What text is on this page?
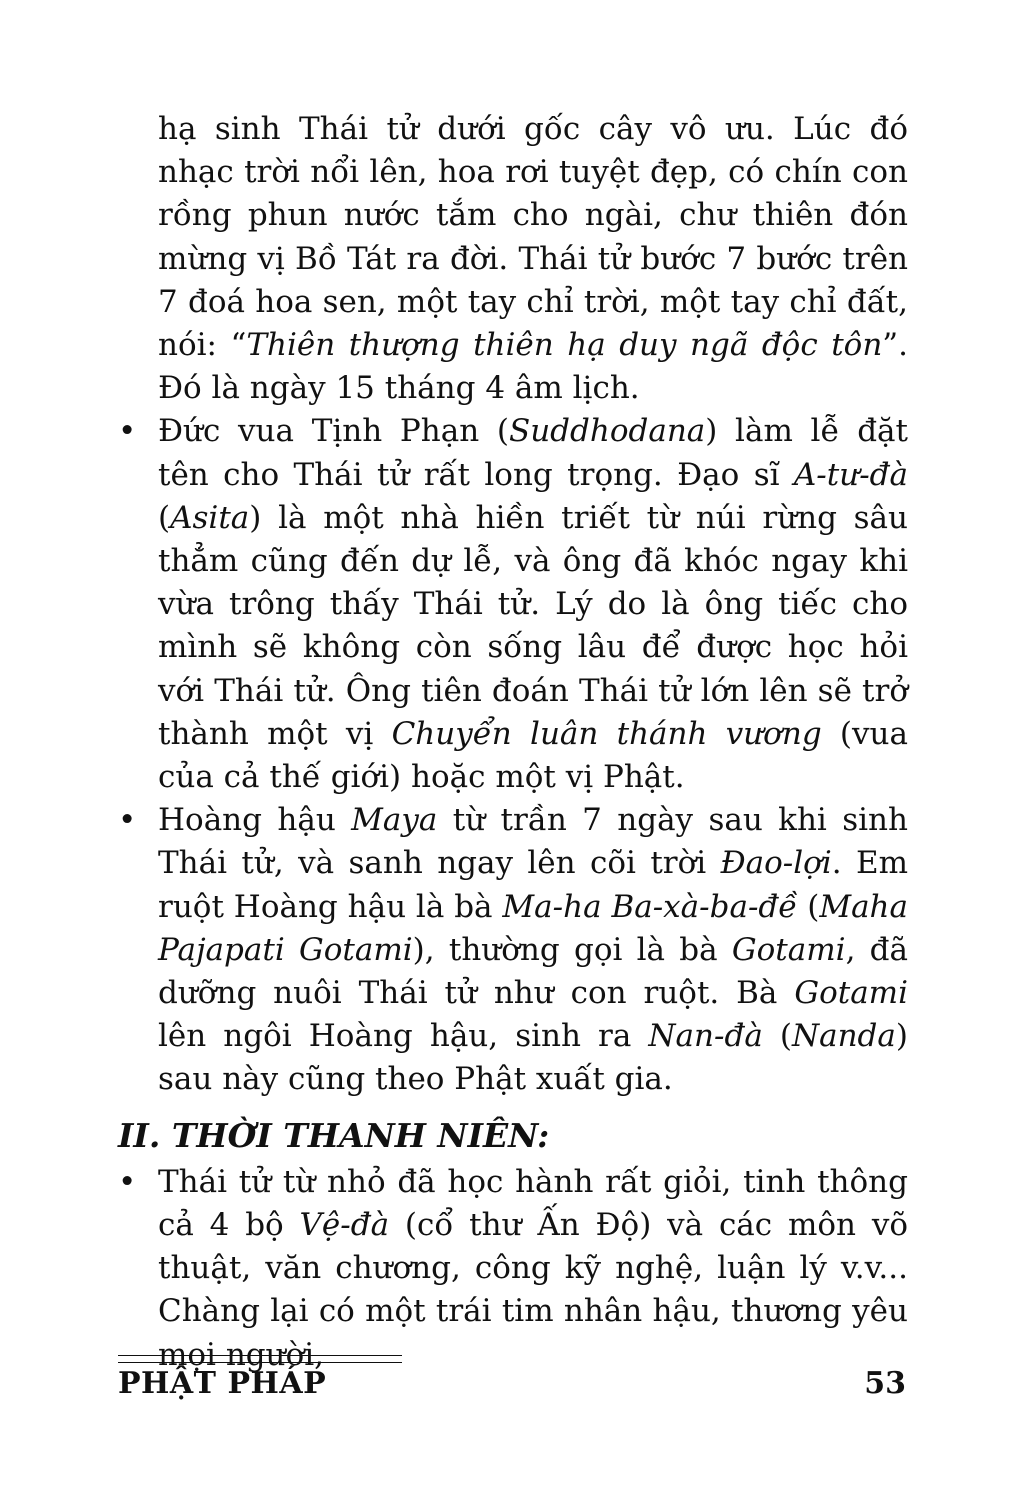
hạ sinh Thái tử dưới gốc cây vô ưu. Lúc đó nhạc trời nổi lên, hoa rơi tuyệt đẹp, có chín con rồng phun nước tắm cho ngài, chư thiên đón mừng vị Bồ Tát ra đời. Thái tử bước 7 bước trên 7 đoá hoa sen, một tay chỉ trời, một tay chỉ đất, nói: “Thiên thượng thiên hạ duy ngã độc tôn”. Đó là ngày 15 tháng 4 âm lịch.

• Đức vua Tịnh Phạn (Suddhodana) làm lễ đặt tên cho Thái tử rất long trọng. Đạo sĩ A-tư-đà (Asita) là một nhà hiền triết từ núi rừng sâu thẳm cũng đến dự lễ, và ông đã khóc ngay khi vừa trông thấy Thái tử. Lý do là ông tiếc cho mình sẽ không còn sống lâu để được học hỏi với Thái tử. Ông tiên đoán Thái tử lớn lên sẽ trở thành một vị Chuyển luân thánh vương (vua của cả thế giới) hoặc một vị Phật.

• Hoàng hậu Maya từ trần 7 ngày sau khi sinh Thái tử, và sanh ngay lên cõi trời Đao-lợi. Em ruột Hoàng hậu là bà Ma-ha Ba-xà-ba-đề (Maha Pajapati Gotami), thường gọi là bà Gotami, đã dưỡng nuôi Thái tử như con ruột. Bà Gotami lên ngôi Hoàng hậu, sinh ra Nan-đà (Nanda) sau này cũng theo Phật xuất gia.

II. THỜI THANH NIÊN:
• Thái tử từ nhỏ đã học hành rất giỏi, tinh thông cả 4 bộ Vệ-đà (cổ thư Ấn Độ) và các môn võ thuật, văn chương, công kỹ nghệ, luận lý v.v... Chàng lại có một trái tim nhân hậu, thương yêu mọi người,

PHẬT PHÁP	53
